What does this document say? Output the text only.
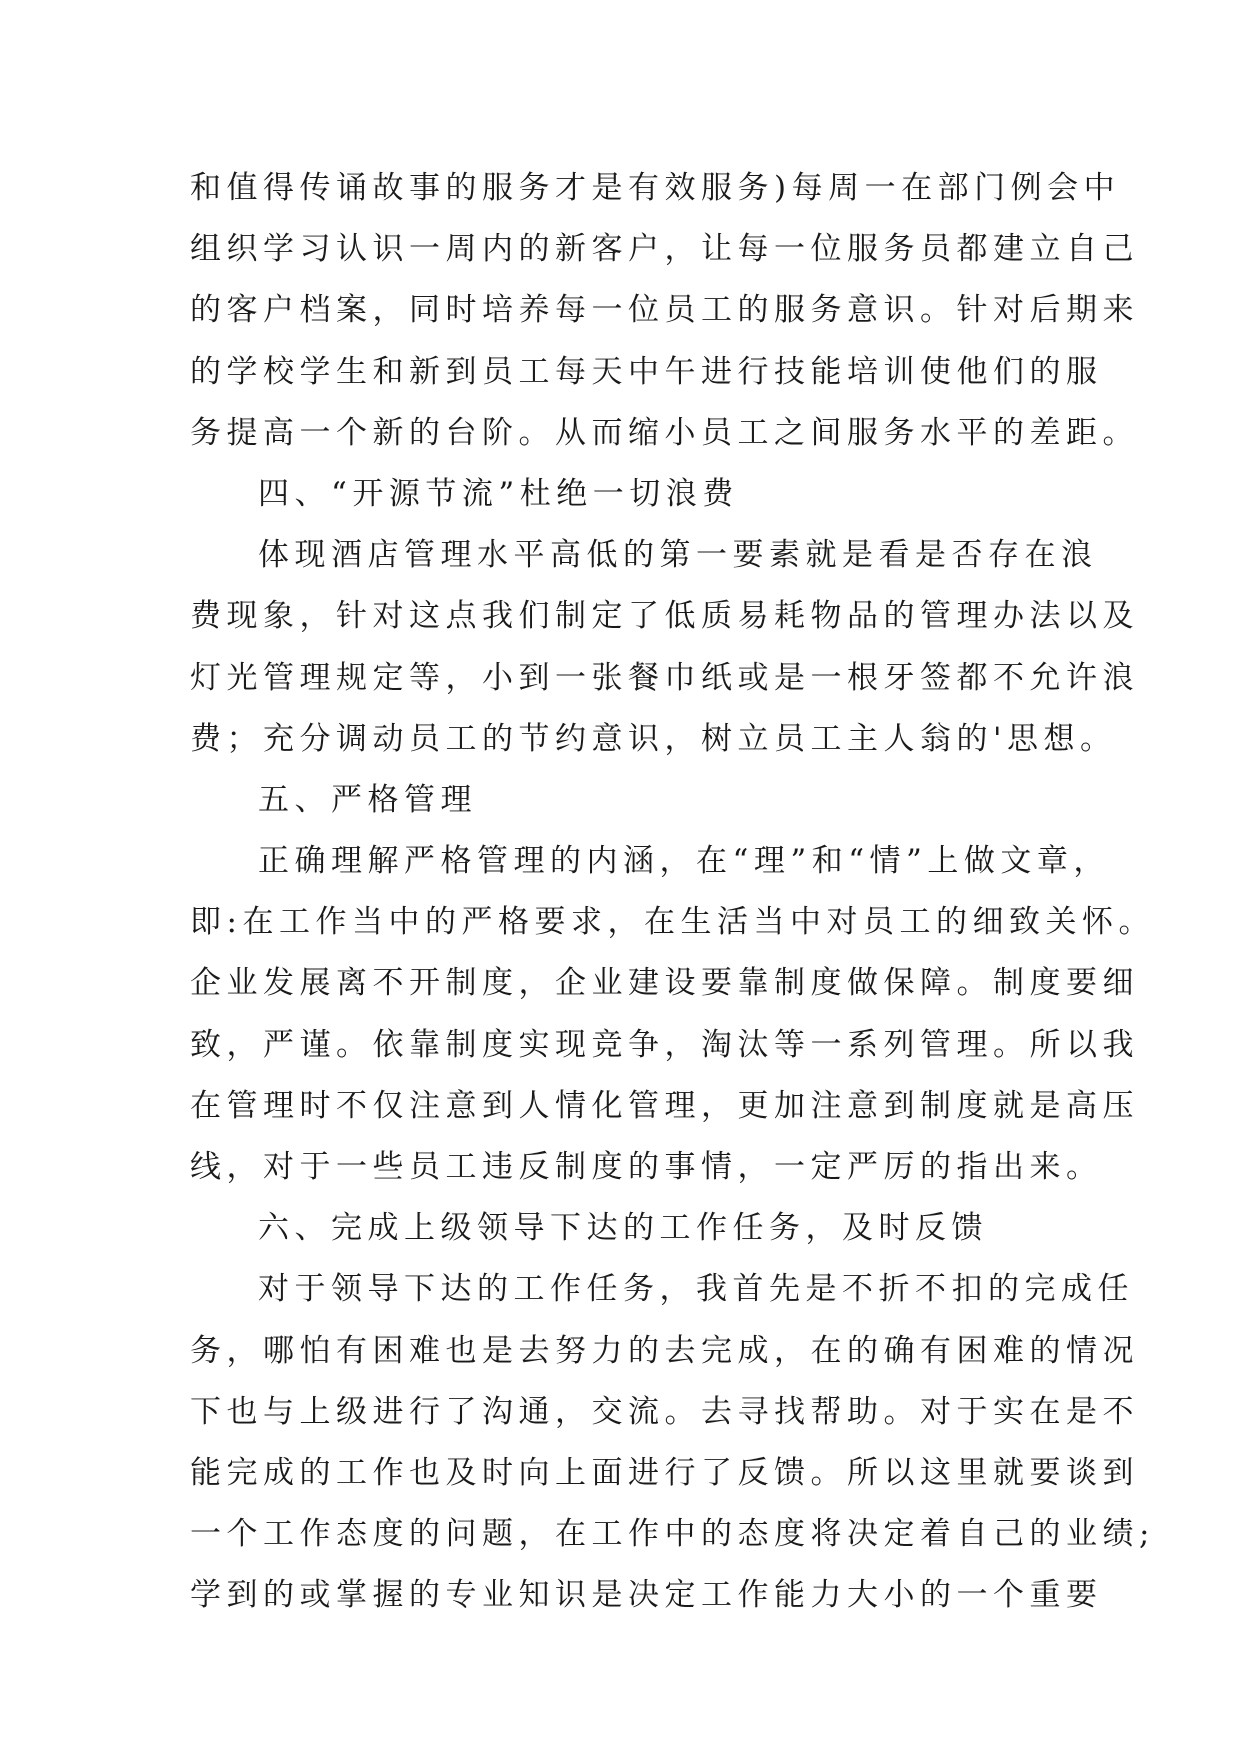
和值得传诵故事的服务才是有效服务)每周一在部门例会中
组织学习认识一周内的新客户，让每一位服务员都建立自己
的客户档案，同时培养每一位员工的服务意识。针对后期来
的学校学生和新到员工每天中午进行技能培训使他们的服
务提高一个新的台阶。从而缩小员工之间服务水平的差距。
四、“开源节流”杜绝一切浪费
体现酒店管理水平高低的第一要素就是看是否存在浪
费现象，针对这点我们制定了低质易耗物品的管理办法以及
灯光管理规定等，小到一张餐巾纸或是一根牙签都不允许浪
费；充分调动员工的节约意识，树立员工主人翁的'思想。
五、严格管理
正确理解严格管理的内涵，在“理”和“情”上做文章，
即:在工作当中的严格要求，在生活当中对员工的细致关怀。
企业发展离不开制度，企业建设要靠制度做保障。制度要细
致，严谨。依靠制度实现竞争，淘汰等一系列管理。所以我
在管理时不仅注意到人情化管理，更加注意到制度就是高压
线，对于一些员工违反制度的事情，一定严厉的指出来。
六、完成上级领导下达的工作任务，及时反馈
对于领导下达的工作任务，我首先是不折不扣的完成任
务，哪怕有困难也是去努力的去完成，在的确有困难的情况
下也与上级进行了沟通，交流。去寻找帮助。对于实在是不
能完成的工作也及时向上面进行了反馈。所以这里就要谈到
一个工作态度的问题，在工作中的态度将决定着自己的业绩;
学到的或掌握的专业知识是决定工作能力大小的一个重要
